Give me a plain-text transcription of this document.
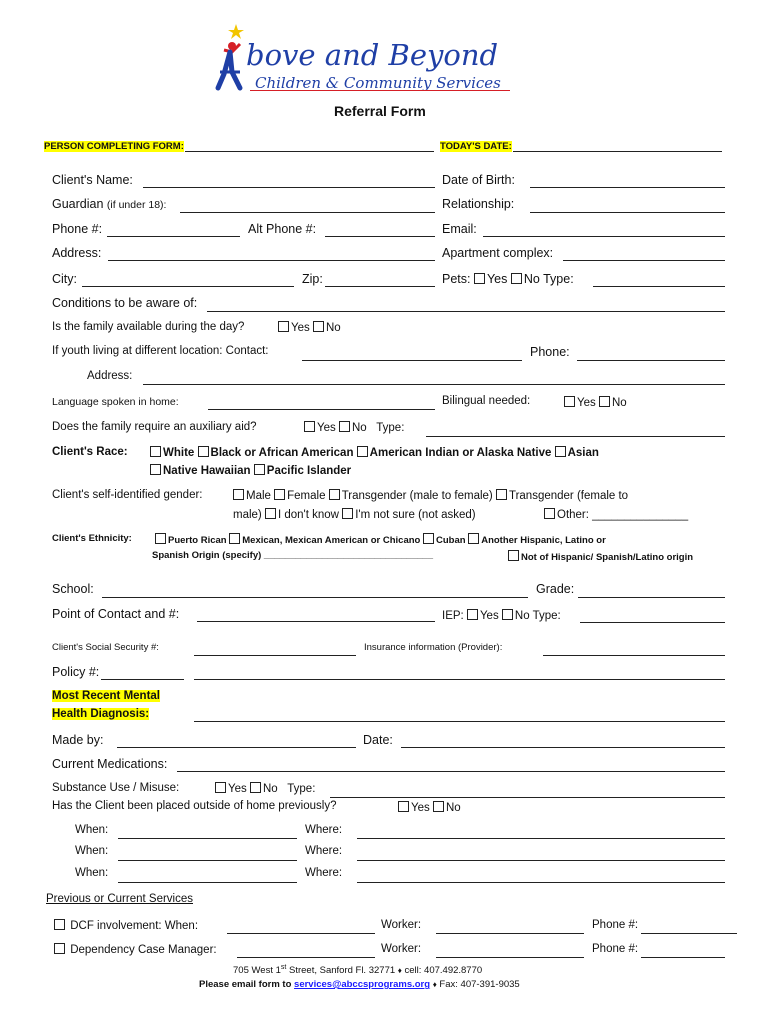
bove and Beyond
Children & Community Services
Referral Form
PERSON COMPLETING FORM:	TODAY'S DATE:
Client's Name:	Date of Birth:
Guardian (if under 18):	Relationship:
Phone #:	Alt Phone #:	Email:
Address:	Apartment complex:
City:	Zip:	Pets: Yes No Type:
Conditions to be aware of:
Is the family available during the day?	Yes No
If youth living at different location: Contact:	Phone:
Address:
Language spoken in home:	Bilingual needed:	Yes No
Does the family require an auxiliary aid?	Yes No Type:
Client's Race:	White Black or African American American Indian or Alaska Native Asian
Native Hawaiian Pacific Islander
Client's self-identified gender:	Male Female Transgender (male to female) Transgender (female to
male) I don't know I'm not sure (not asked)	Other: _______________
Client's Ethnicity:	Puerto Rican Mexican, Mexican American or Chicano Cuban Another Hispanic, Latino or
Spanish Origin (specify) ________________________________	Not of Hispanic/ Spanish/Latino origin
School:	Grade:
Point of Contact and #:	IEP: Yes No Type:
Client's Social Security #:	Insurance information (Provider):
Policy #:
Most Recent Mental
Health Diagnosis:
Made by:	Date:
Current Medications:
Substance Use / Misuse:	Yes No Type:
Has the Client been placed outside of home previously?	Yes No
When:	Where:
When:	Where:
When:	Where:
Previous or Current Services
DCF involvement: When:	Worker:	Phone #:
Dependency Case Manager:	Worker:	Phone #:
705 West 1st Street, Sanford Fl. 32771 ♦ cell: 407.492.8770
Please email form to services@abccsprograms.org ♦ Fax: 407-391-9035
